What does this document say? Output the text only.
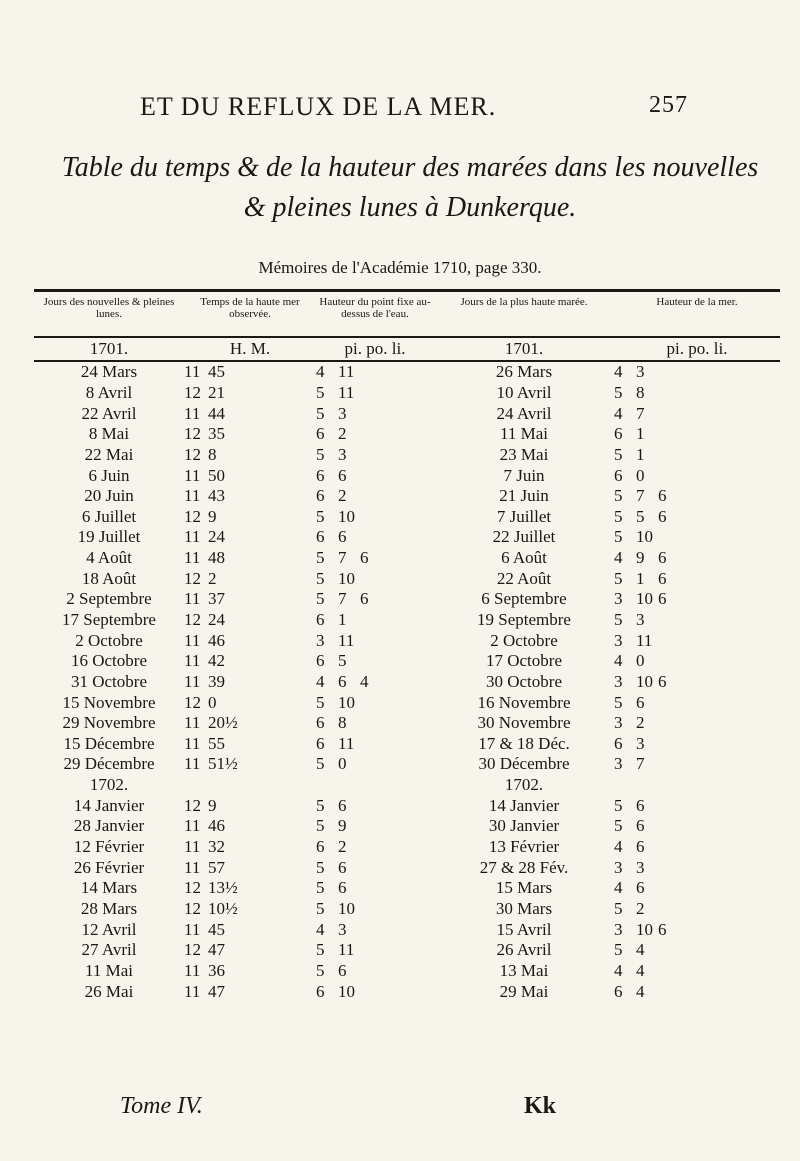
ET DU REFLUX DE LA MER.	257
Table du temps & de la hauteur des marées dans les nouvelles & pleines lunes à Dunkerque.
Mémoires de l'Académie 1710, page 330.
Jours des nouvelles & pleines lunes.	Temps de la haute mer observée.	Hauteur du point fixe au-dessus de l'eau.	Jours de la plus haute marée.	Hauteur de la mer.
1701.	H. M.	pi. po. li.	1701.	pi. po. li.
24 Mars	11 45	4 11	26 Mars	4 3
8 Avril	12 21	5 11	10 Avril	5 8
22 Avril	11 44	5 3	24 Avril	4 7
8 Mai	12 35	6 2	11 Mai	6 1
22 Mai	12 8	5 3	23 Mai	5 1
6 Juin	11 50	6 6	7 Juin	6 0
20 Juin	11 43	6 2	21 Juin	5 7 6
6 Juillet	12 9	5 10	7 Juillet	5 5 6
19 Juillet	11 24	6 6	22 Juillet	5 10
4 Août	11 48	5 7 6	6 Août	4 9 6
18 Août	12 2	5 10	22 Août	5 1 6
2 Septembre	11 37	5 7 6	6 Septembre	3 10 6
17 Septembre	12 24	6 1	19 Septembre	5 3
2 Octobre	11 46	3 11	2 Octobre	3 11
16 Octobre	11 42	6 5	17 Octobre	4 0
31 Octobre	11 39	4 6 4	30 Octobre	3 10 6
15 Novembre	12 0	5 10	16 Novembre	5 6
29 Novembre	11 20½	6 8	30 Novembre	3 2
15 Décembre	11 55	6 11	17 & 18 Déc.	6 3
29 Décembre	11 51½	5 0	30 Décembre	3 7
1702.			1702.	
14 Janvier	12 9	5 6	14 Janvier	5 6
28 Janvier	11 46	5 9	30 Janvier	5 6
12 Février	11 32	6 2	13 Février	4 6
26 Février	11 57	5 6	27 & 28 Fév.	3 3
14 Mars	12 13½	5 6	15 Mars	4 6
28 Mars	12 10½	5 10	30 Mars	5 2
12 Avril	11 45	4 3	15 Avril	3 10 6
27 Avril	12 47	5 11	26 Avril	5 4
11 Mai	11 36	5 6	13 Mai	4 4
26 Mai	11 47	6 10	29 Mai	6 4
Tome IV.	Kk
